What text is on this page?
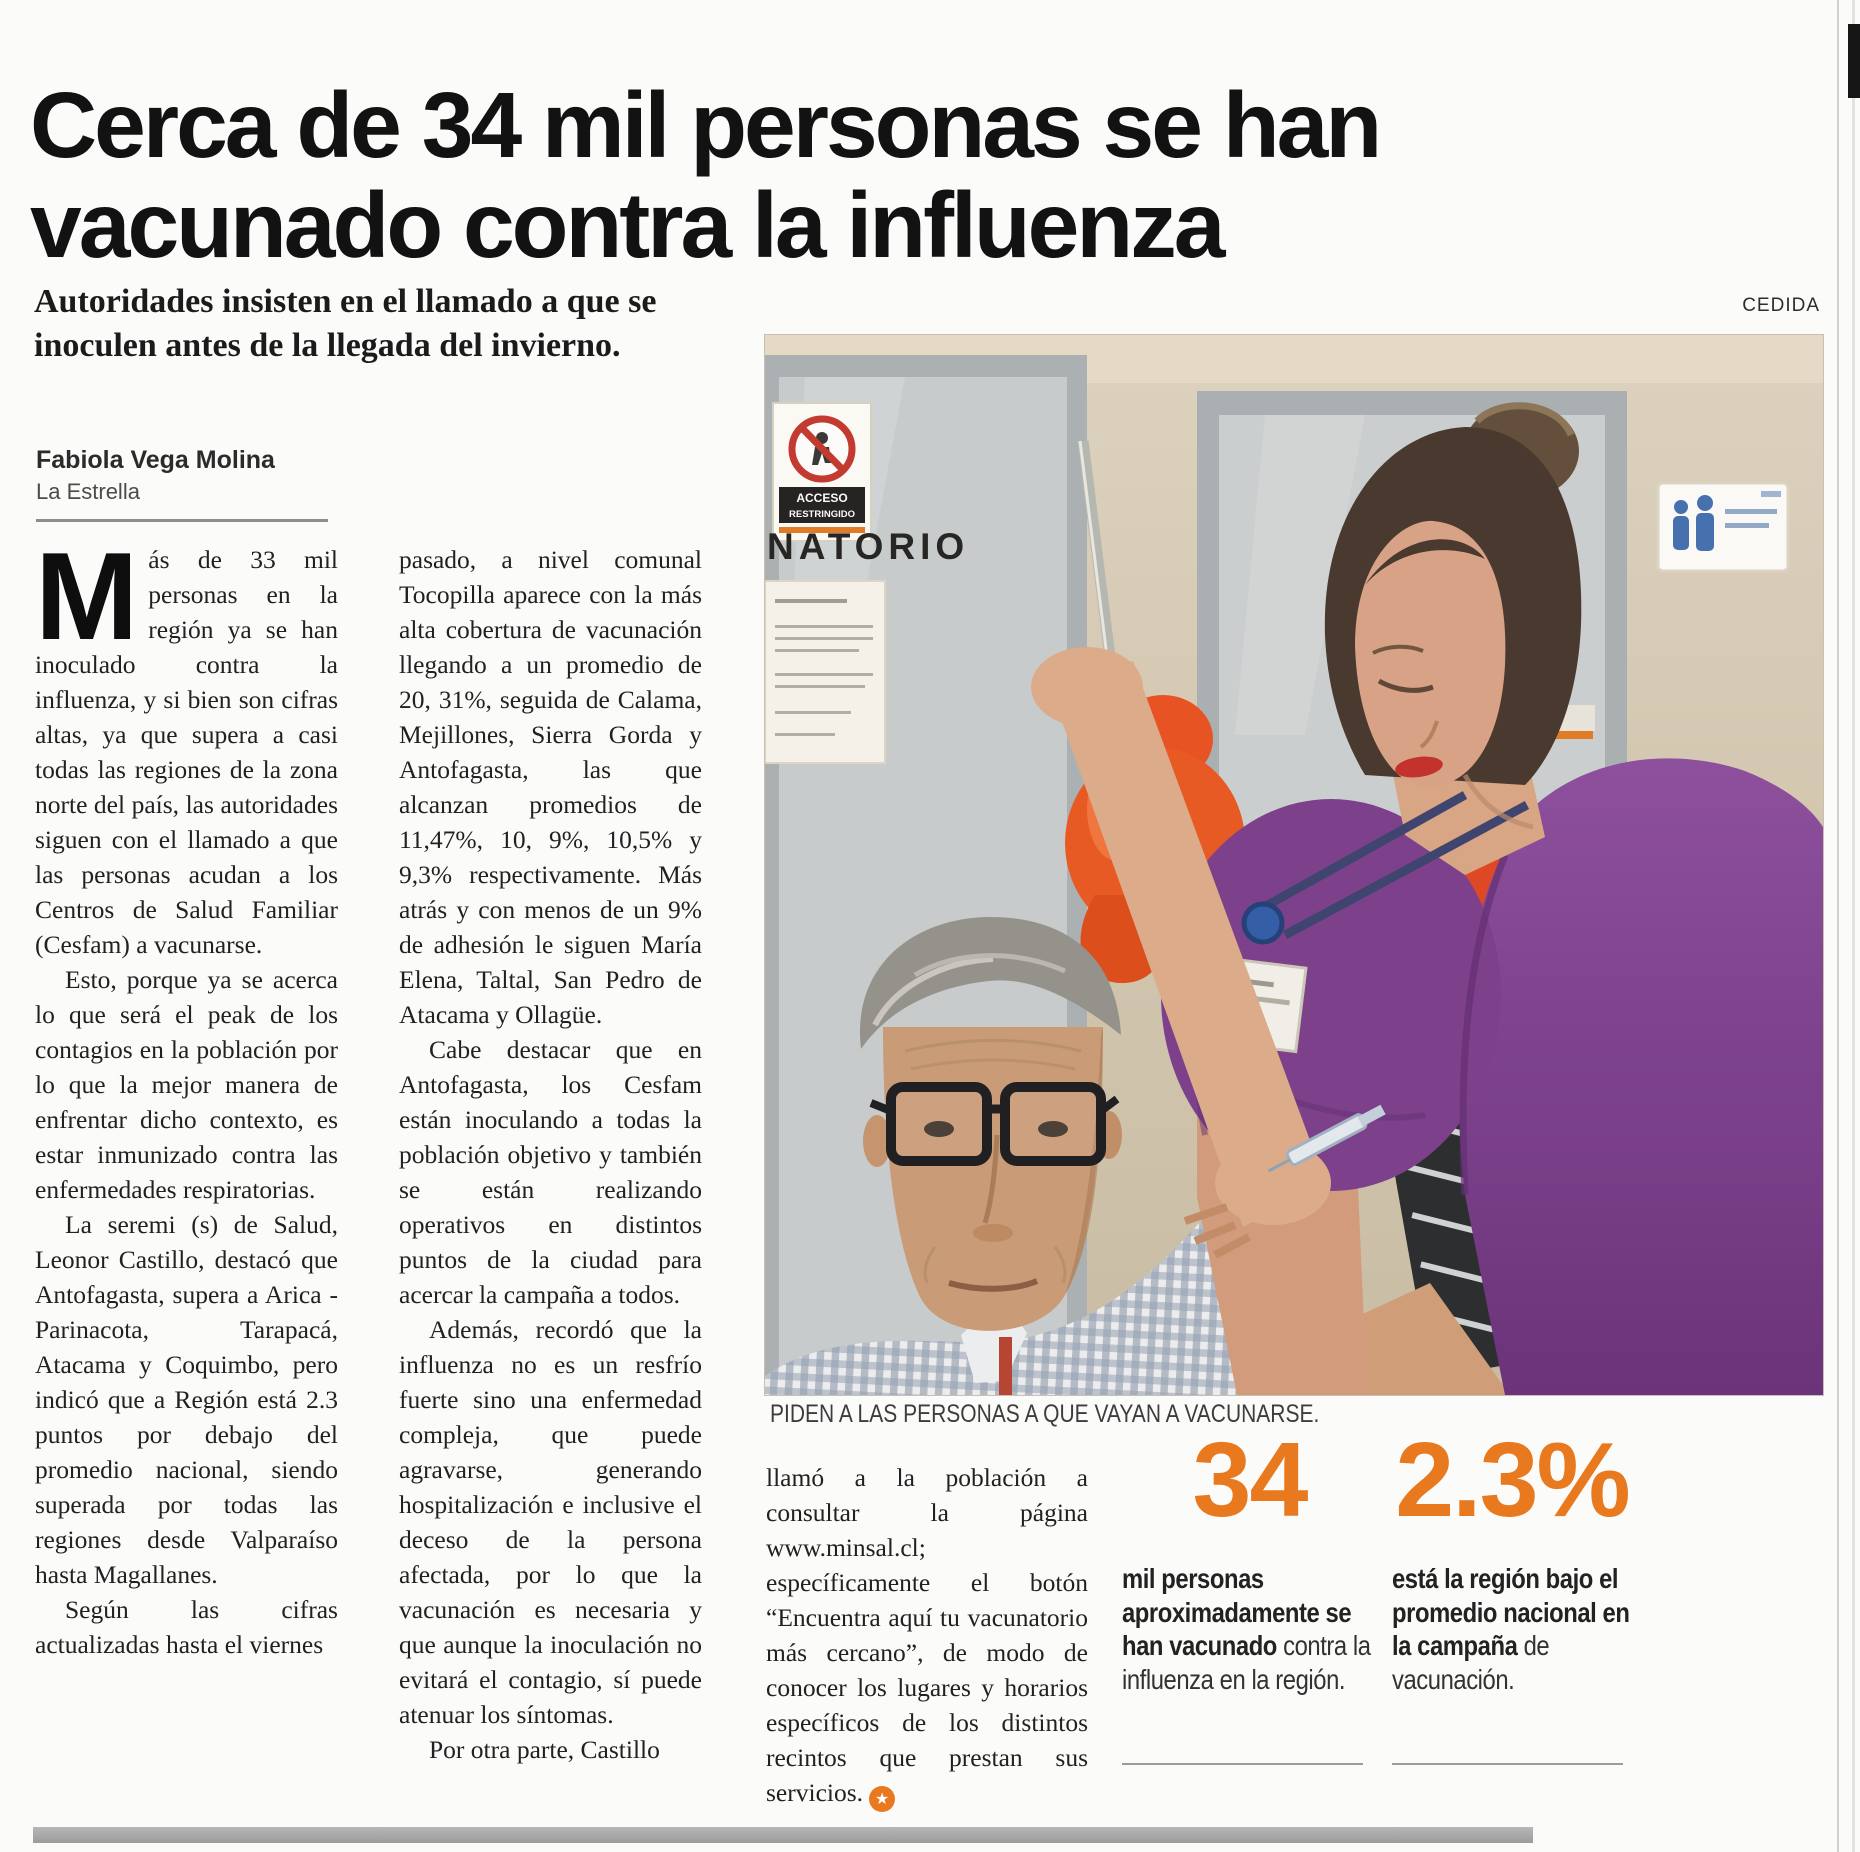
Cerca de 34 mil personas se han vacunado contra la influenza
Autoridades insisten en el llamado a que se inoculen antes de la llegada del invierno.
Fabiola Vega Molina
La Estrella

Más de 33 mil personas en la región ya se han inoculado contra la influenza, y si bien son cifras altas, ya que supera a casi todas las regiones de la zona norte del país, las autoridades siguen con el llamado a que las personas acudan a los Centros de Salud Familiar (Cesfam) a vacunarse.

Esto, porque ya se acerca lo que será el peak de los contagios en la población por lo que la mejor manera de enfrentar dicho contexto, es estar inmunizado contra las enfermedades respiratorias.

La seremi (s) de Salud, Leonor Castillo, destacó que Antofagasta, supera a Arica - Parinacota, Tarapacá, Atacama y Coquimbo, pero indicó que a Región está 2.3 puntos por debajo del promedio nacional, siendo superada por todas las regiones desde Valparaíso hasta Magallanes.

Según las cifras actualizadas hasta el viernes

pasado, a nivel comunal Tocopilla aparece con la más alta cobertura de vacunación llegando a un promedio de 20, 31%, seguida de Calama, Mejillones, Sierra Gorda y Antofagasta, las que alcanzan promedios de 11,47%, 10, 9%, 10,5% y 9,3% respectivamente. Más atrás y con menos de un 9% de adhesión le siguen María Elena, Taltal, San Pedro de Atacama y Ollagüe.

Cabe destacar que en Antofagasta, los Cesfam están inoculando a todas la población objetivo y también se están realizando operativos en distintos puntos de la ciudad para acercar la campaña a todos.

Además, recordó que la influenza no es un resfrío fuerte sino una enfermedad compleja, que puede agravarse, generando hospitalización e inclusive el deceso de la persona afectada, por lo que la vacunación es necesaria y que aunque la inoculación no evitará el contagio, sí puede atenuar los síntomas.

Por otra parte, Castillo

llamó a la población a consultar la página www.minsal.cl; específicamente el botón “Encuentra aquí tu vacunatorio más cercano”, de modo de conocer los lugares y horarios específicos de los distintos recintos que prestan sus servicios. ★

CEDIDA
ACCESO
RESTRINGIDO
NATORIO
PIDEN A LAS PERSONAS A QUE VAYAN A VACUNARSE.
34
mil personas aproximadamente se han vacunado contra la influenza en la región.
2.3%
está la región bajo el promedio nacional en la campaña de vacunación.
